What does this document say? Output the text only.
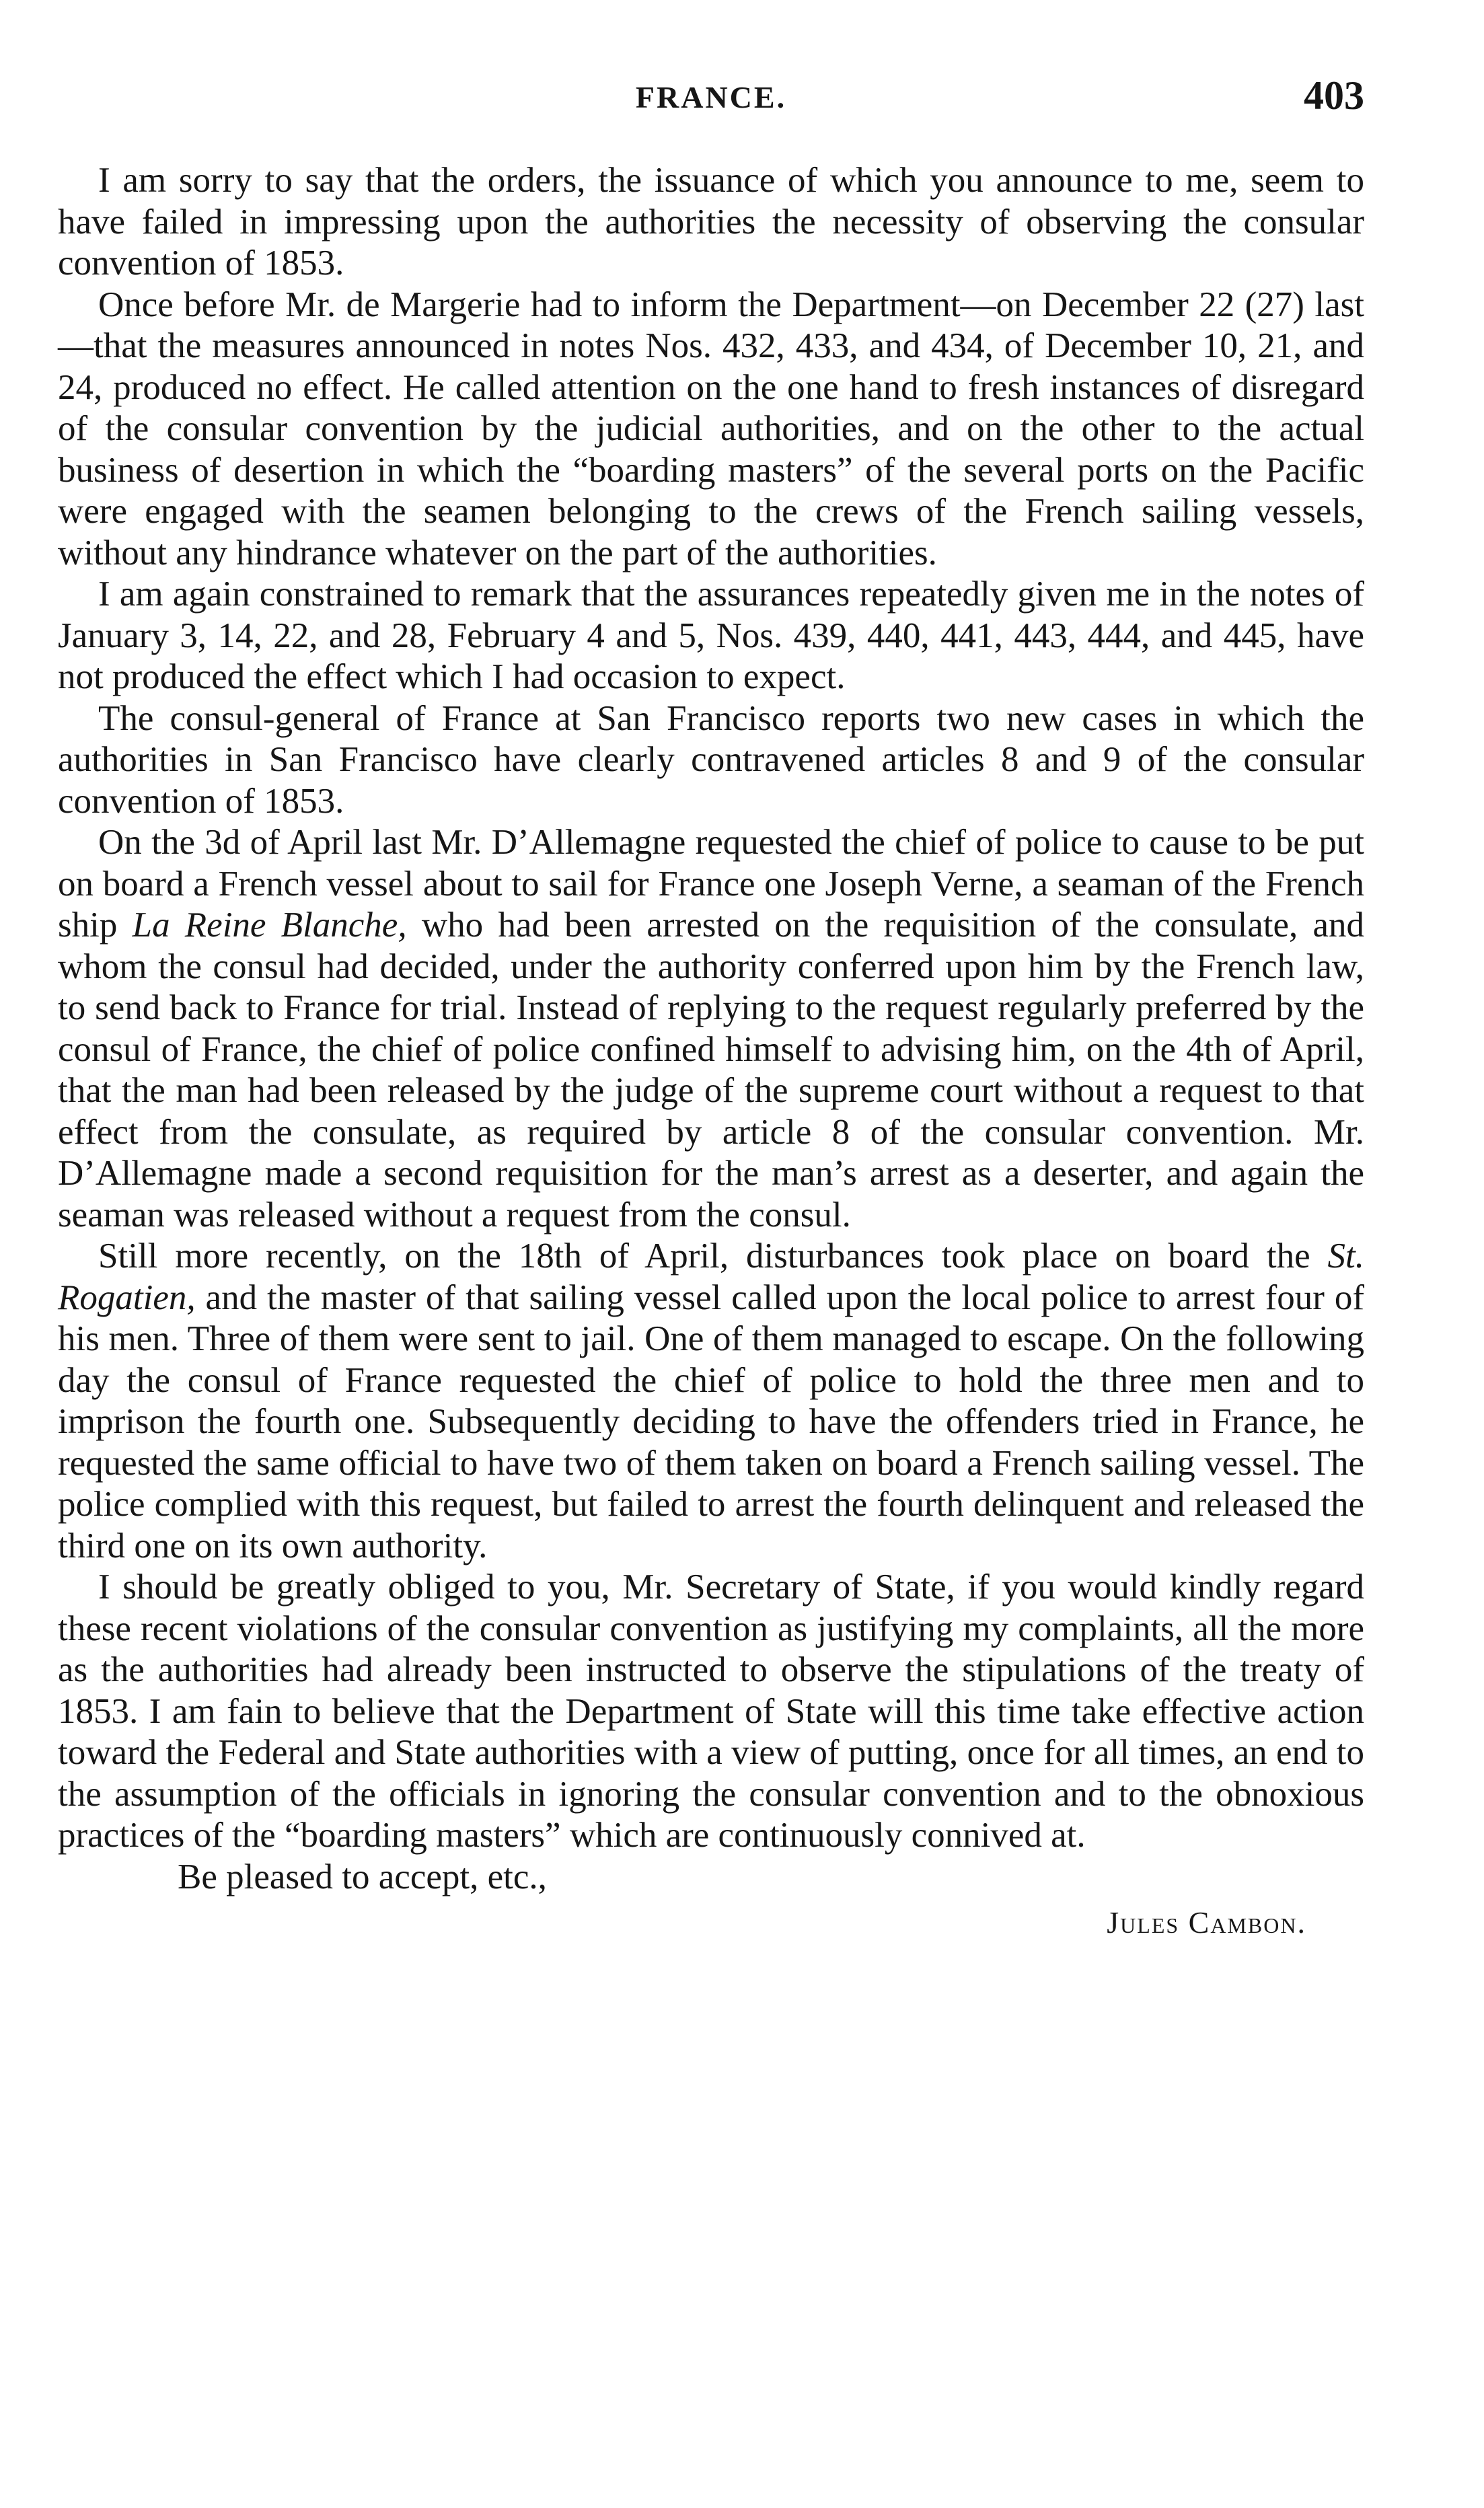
FRANCE.	403

I am sorry to say that the orders, the issuance of which you announce to me, seem to have failed in impressing upon the authorities the necessity of observing the consular convention of 1853.

Once before Mr. de Margerie had to inform the Department—on December 22 (27) last—that the measures announced in notes Nos. 432, 433, and 434, of December 10, 21, and 24, produced no effect. He called attention on the one hand to fresh instances of disregard of the consular convention by the judicial authorities, and on the other to the actual business of desertion in which the “boarding masters” of the several ports on the Pacific were engaged with the seamen belonging to the crews of the French sailing vessels, without any hindrance whatever on the part of the authorities.

I am again constrained to remark that the assurances repeatedly given me in the notes of January 3, 14, 22, and 28, February 4 and 5, Nos. 439, 440, 441, 443, 444, and 445, have not produced the effect which I had occasion to expect.

The consul-general of France at San Francisco reports two new cases in which the authorities in San Francisco have clearly contravened articles 8 and 9 of the consular convention of 1853.

On the 3d of April last Mr. D’Allemagne requested the chief of police to cause to be put on board a French vessel about to sail for France one Joseph Verne, a seaman of the French ship La Reine Blanche, who had been arrested on the requisition of the consulate, and whom the consul had decided, under the authority conferred upon him by the French law, to send back to France for trial. Instead of replying to the request regularly preferred by the consul of France, the chief of police confined himself to advising him, on the 4th of April, that the man had been released by the judge of the supreme court without a request to that effect from the consulate, as required by article 8 of the consular convention. Mr. D’Allemagne made a second requisition for the man’s arrest as a deserter, and again the seaman was released without a request from the consul.

Still more recently, on the 18th of April, disturbances took place on board the St. Rogatien, and the master of that sailing vessel called upon the local police to arrest four of his men. Three of them were sent to jail. One of them managed to escape. On the following day the consul of France requested the chief of police to hold the three men and to imprison the fourth one. Subsequently deciding to have the offenders tried in France, he requested the same official to have two of them taken on board a French sailing vessel. The police complied with this request, but failed to arrest the fourth delinquent and released the third one on its own authority.

I should be greatly obliged to you, Mr. Secretary of State, if you would kindly regard these recent violations of the consular convention as justifying my complaints, all the more as the authorities had already been instructed to observe the stipulations of the treaty of 1853. I am fain to believe that the Department of State will this time take effective action toward the Federal and State authorities with a view of putting, once for all times, an end to the assumption of the officials in ignoring the consular convention and to the obnoxious practices of the “boarding masters” which are continuously connived at.

Be pleased to accept, etc.,

Jules Cambon.
